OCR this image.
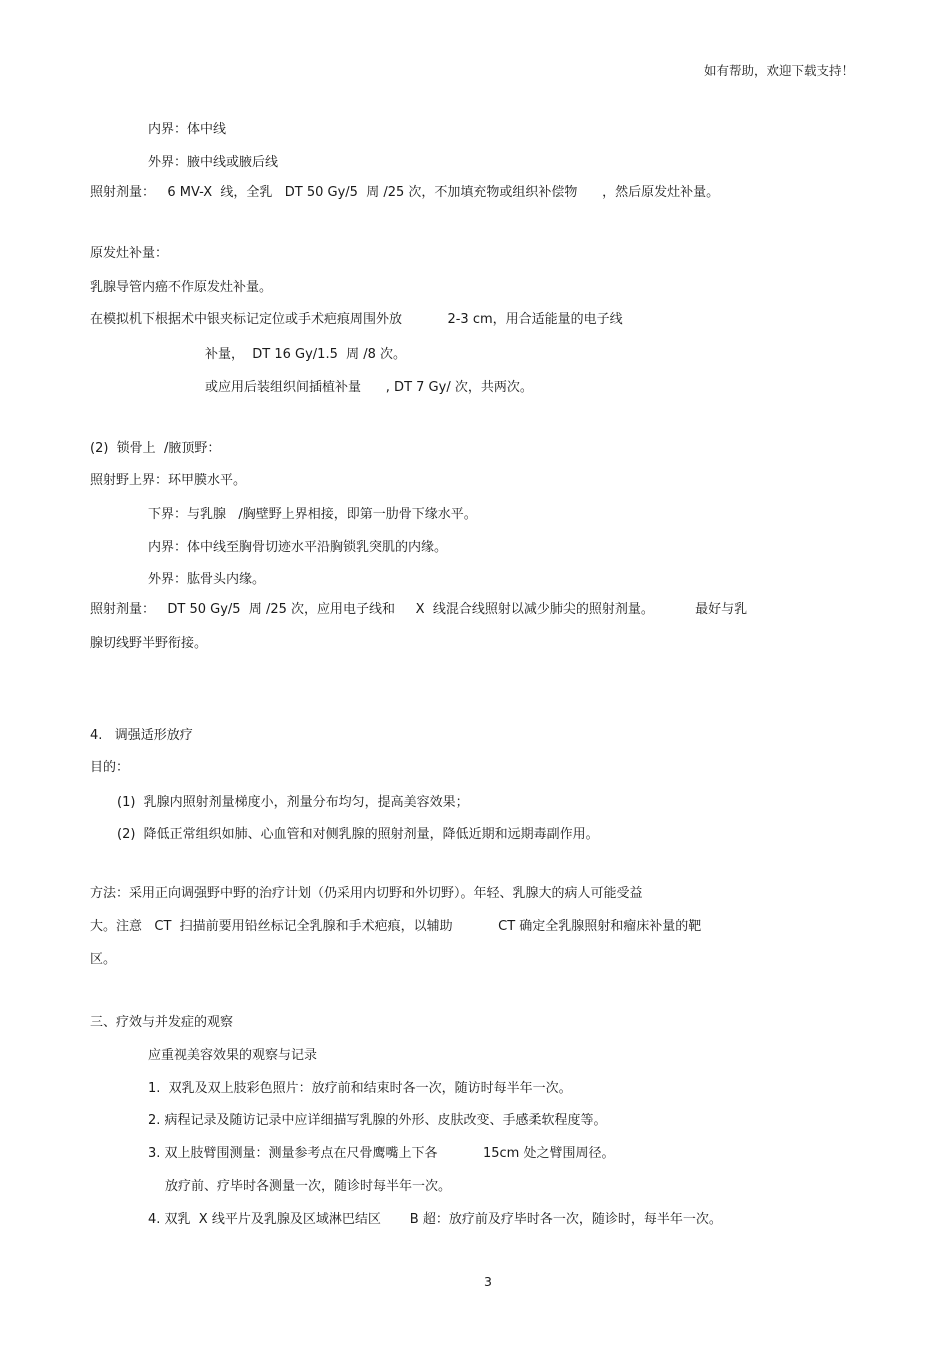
如有帮助，欢迎下载支持！
内界：体中线
外界：腋中线或腋后线
照射剂量：   6 MV-X  线，全乳   DT 50 Gy/5  周 /25 次，不加填充物或组织补偿物      ，然后原发灶补量。
原发灶补量：
乳腺导管内癌不作原发灶补量。
在模拟机下根据术中银夹标记定位或手术疤痕周围外放           2-3 cm，用合适能量的电子线
补量，  DT 16 Gy/1.5  周 /8 次。
或应用后装组织间插植补量      , DT 7 Gy/ 次，共两次。
(2)  锁骨上  /腋顶野：
照射野上界：环甲膜水平。
下界：与乳腺   /胸壁野上界相接，即第一肋骨下缘水平。
内界：体中线至胸骨切迹水平沿胸锁乳突肌的内缘。
外界：肱骨头内缘。
照射剂量：   DT 50 Gy/5  周 /25 次，应用电子线和     X  线混合线照射以减少肺尖的照射剂量。          最好与乳
腺切线野半野衔接。
4.   调强适形放疗
目的：
(1)  乳腺内照射剂量梯度小，剂量分布均匀，提高美容效果；
(2)  降低正常组织如肺、心血管和对侧乳腺的照射剂量，降低近期和远期毒副作用。
方法：采用正向调强野中野的治疗计划（仍采用内切野和外切野）。年轻、乳腺大的病人可能受益
大。注意   CT  扫描前要用铅丝标记全乳腺和手术疤痕，以辅助           CT 确定全乳腺照射和瘤床补量的靶
区。
三、疗效与并发症的观察
应重视美容效果的观察与记录
1.  双乳及双上肢彩色照片：放疗前和结束时各一次，随访时每半年一次。
2. 病程记录及随访记录中应详细描写乳腺的外形、皮肤改变、手感柔软程度等。
3. 双上肢臂围测量：测量参考点在尺骨鹰嘴上下各           15cm 处之臂围周径。
放疗前、疗毕时各测量一次，随诊时每半年一次。
4. 双乳  X 线平片及乳腺及区域淋巴结区       B 超：放疗前及疗毕时各一次，随诊时，每半年一次。
3
